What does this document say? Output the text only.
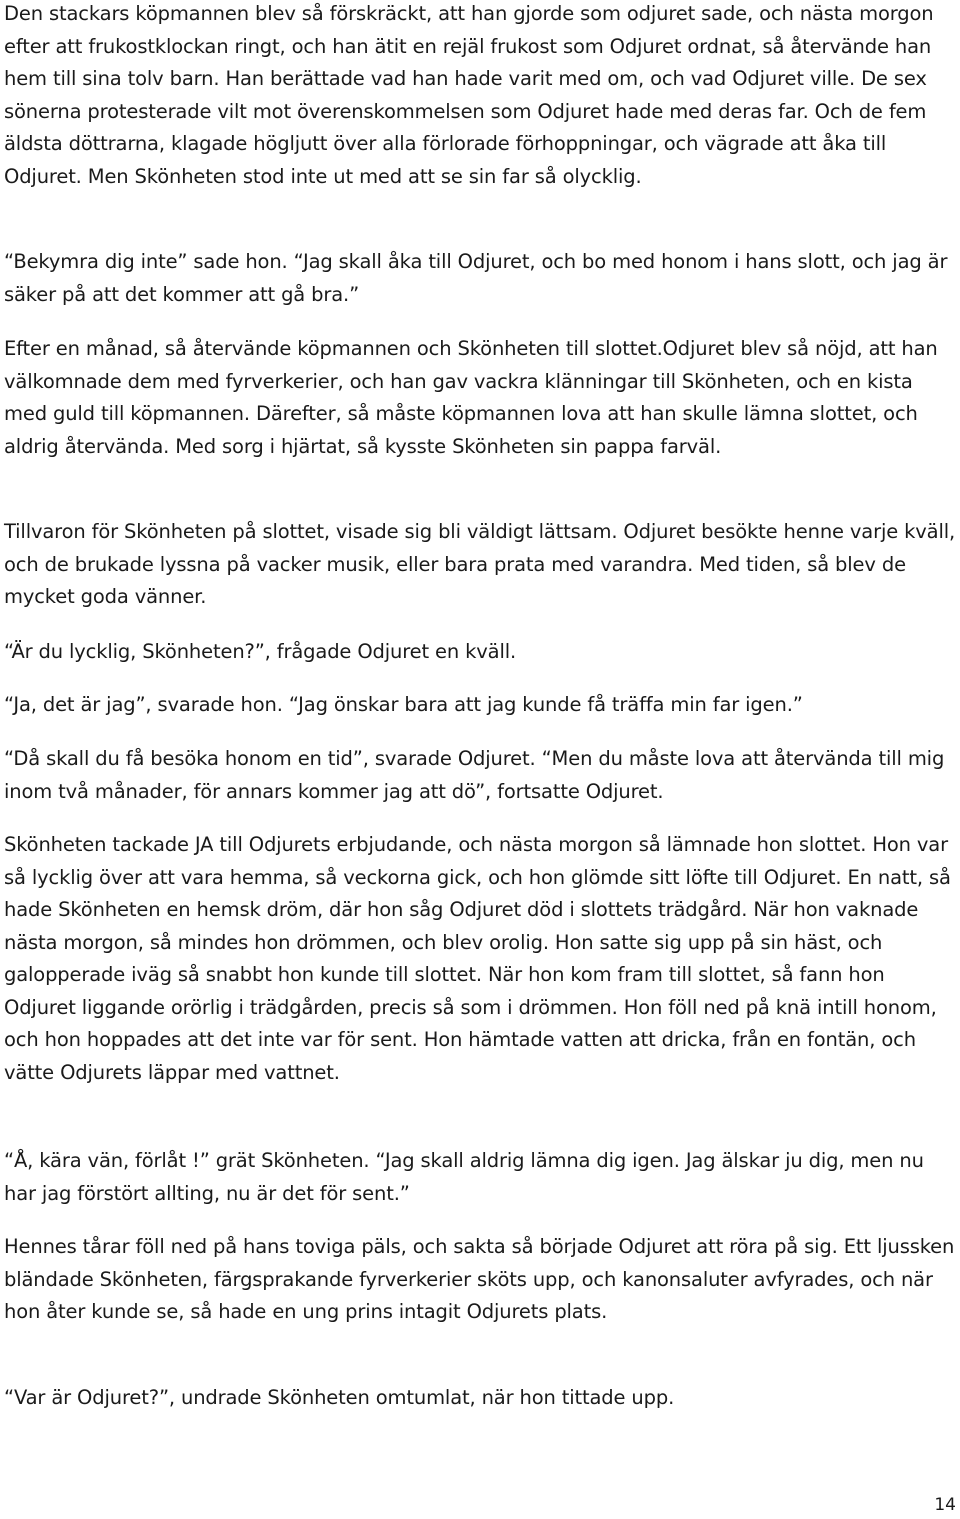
Den stackars köpmannen blev så förskräckt, att han gjorde som odjuret sade, och nästa morgon efter att frukostklockan ringt, och han ätit en rejäl frukost som Odjuret ordnat, så återvände han hem till sina tolv barn. Han berättade vad han hade varit med om, och vad Odjuret ville. De sex sönerna protesterade vilt mot överenskommelsen som Odjuret hade med deras far. Och de fem äldsta döttrarna, klagade högljutt över alla förlorade förhoppningar, och vägrade att åka till Odjuret. Men Skönheten stod inte ut med att se sin far så olycklig.

“Bekymra dig inte” sade hon. “Jag skall åka till Odjuret, och bo med honom i hans slott, och jag är säker på att det kommer att gå bra.”

Efter en månad, så återvände köpmannen och Skönheten till slottet.Odjuret blev så nöjd, att han välkomnade dem med fyrverkerier, och han gav vackra klänningar till Skönheten, och en kista med guld till köpmannen. Därefter, så måste köpmannen lova att han skulle lämna slottet, och aldrig återvända. Med sorg i hjärtat, så kysste Skönheten sin pappa farväl.

Tillvaron för Skönheten på slottet, visade sig bli väldigt lättsam. Odjuret besökte henne varje kväll, och de brukade lyssna på vacker musik, eller bara prata med varandra. Med tiden, så blev de mycket goda vänner.

“Är du lycklig, Skönheten?”, frågade Odjuret en kväll.

“Ja, det är jag”, svarade hon. “Jag önskar bara att jag kunde få träffa min far igen.”

“Då skall du få besöka honom en tid”, svarade Odjuret. “Men du måste lova att återvända till mig inom två månader, för annars kommer jag att dö”, fortsatte Odjuret.

Skönheten tackade JA till Odjurets erbjudande, och nästa morgon så lämnade hon slottet. Hon var så lycklig över att vara hemma, så veckorna gick, och hon glömde sitt löfte till Odjuret. En natt, så hade Skönheten en hemsk dröm, där hon såg Odjuret död i slottets trädgård. När hon vaknade nästa morgon, så mindes hon drömmen, och blev orolig. Hon satte sig upp på sin häst, och galopperade iväg så snabbt hon kunde till slottet. När hon kom fram till slottet, så fann hon Odjuret liggande orörlig i trädgården, precis så som i drömmen. Hon föll ned på knä intill honom, och hon hoppades att det inte var för sent. Hon hämtade vatten att dricka, från en fontän, och vätte Odjurets läppar med vattnet.

“Å, kära vän, förlåt !” grät Skönheten. “Jag skall aldrig lämna dig igen. Jag älskar ju dig, men nu har jag förstört allting, nu är det för sent.”

Hennes tårar föll ned på hans toviga päls, och sakta så började Odjuret att röra på sig. Ett ljussken bländade Skönheten, färgsprakande fyrverkerier sköts upp, och kanonsaluter avfyrades, och när hon åter kunde se, så hade en ung prins intagit Odjurets plats.

“Var är Odjuret?”, undrade Skönheten omtumlat, när hon tittade upp.

14
